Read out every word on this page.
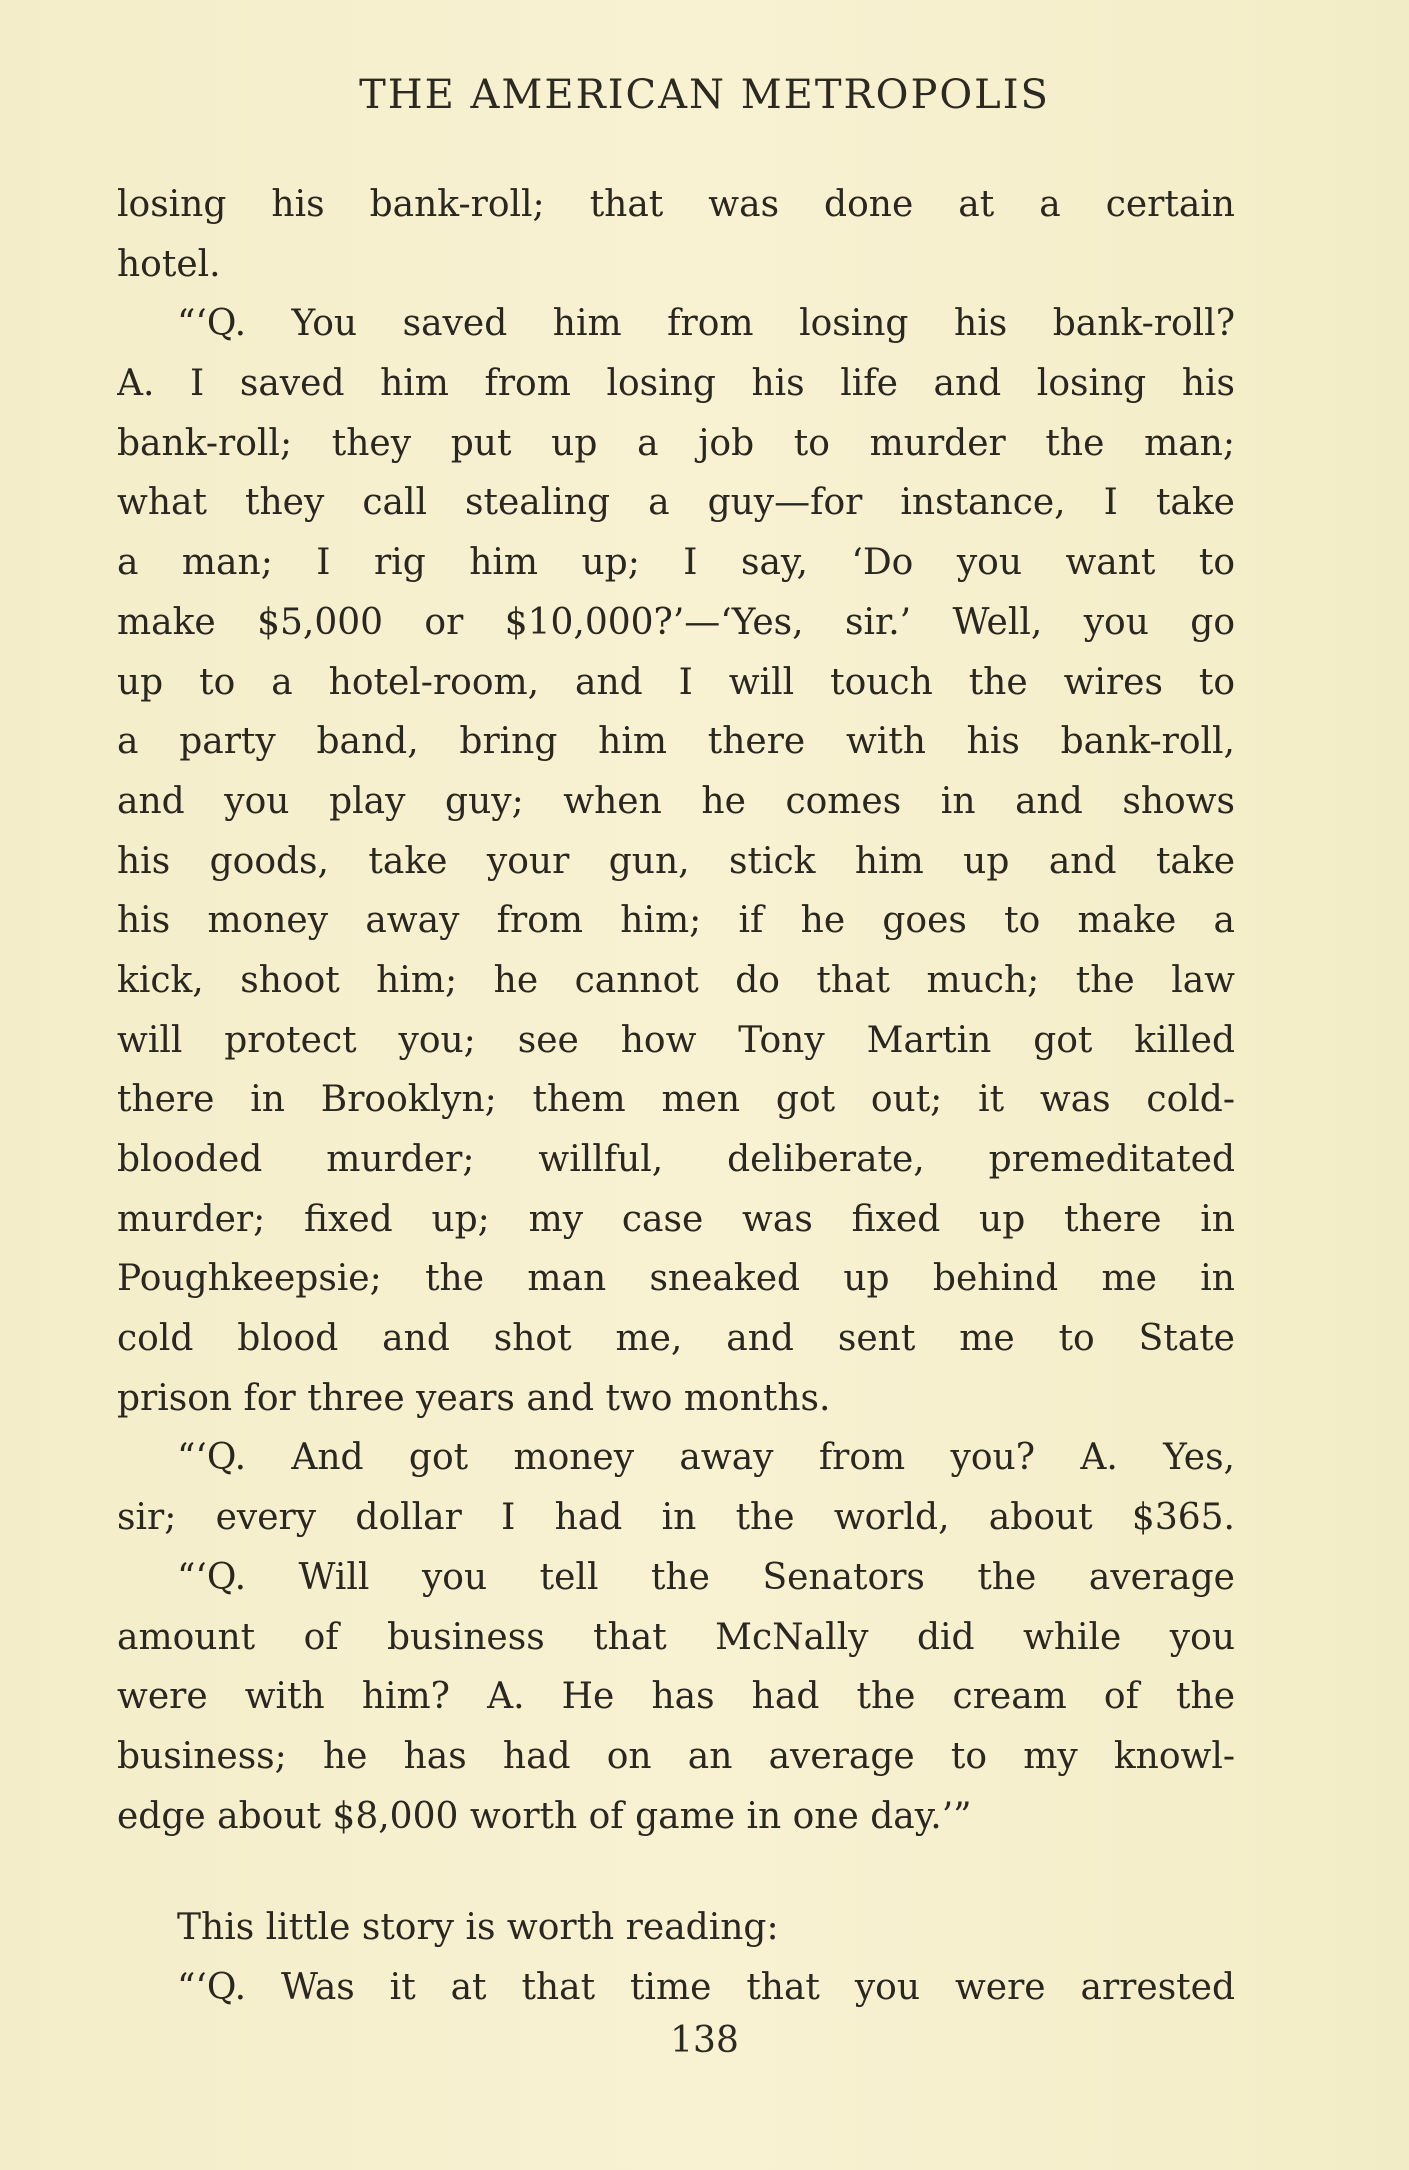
THE AMERICAN METROPOLIS
losing his bank-roll; that was done at a certain
hotel.
“‘Q. You saved him from losing his bank-roll?
A. I saved him from losing his life and losing his
bank-roll; they put up a job to murder the man;
what they call stealing a guy—for instance, I take
a man; I rig him up; I say, ‘Do you want to
make $5,000 or $10,000?’—‘Yes, sir.’ Well, you go
up to a hotel-room, and I will touch the wires to
a party band, bring him there with his bank-roll,
and you play guy; when he comes in and shows
his goods, take your gun, stick him up and take
his money away from him; if he goes to make a
kick, shoot him; he cannot do that much; the law
will protect you; see how Tony Martin got killed
there in Brooklyn; them men got out; it was cold-
blooded murder; willful, deliberate, premeditated
murder; fixed up; my case was fixed up there in
Poughkeepsie; the man sneaked up behind me in
cold blood and shot me, and sent me to State
prison for three years and two months.
“‘Q. And got money away from you? A. Yes,
sir; every dollar I had in the world, about $365.
“‘Q. Will you tell the Senators the average
amount of business that McNally did while you
were with him? A. He has had the cream of the
business; he has had on an average to my knowl-
edge about $8,000 worth of game in one day.’”
This little story is worth reading:
“‘Q. Was it at that time that you were arrested
138
